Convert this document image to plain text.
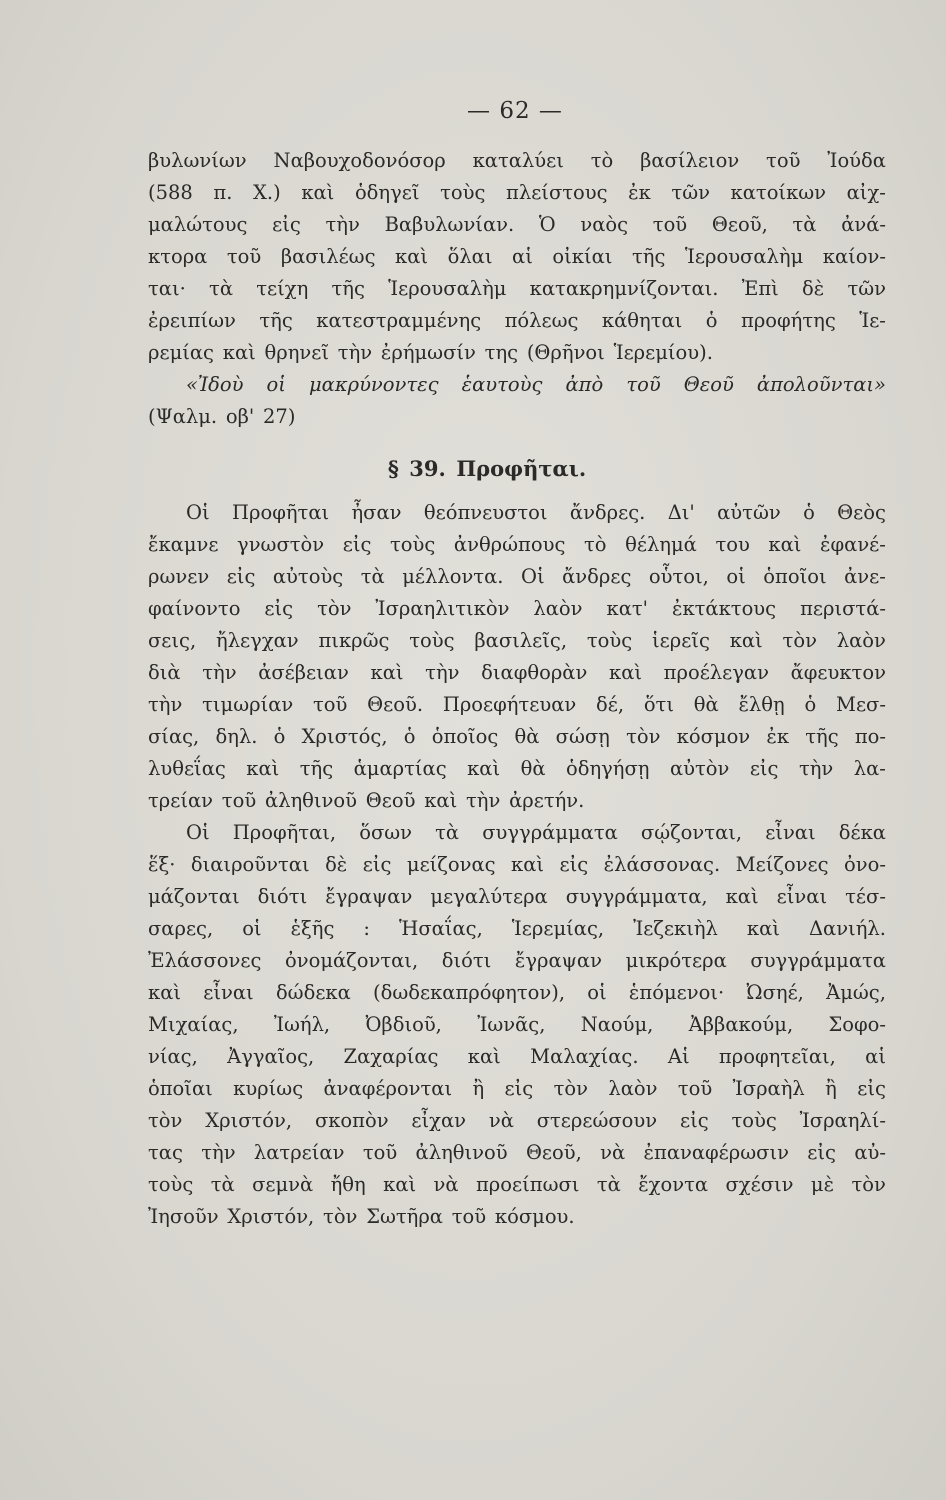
— 62 —
βυλωνίων Ναβουχοδονόσορ καταλύει τὸ βασίλειον τοῦ Ἰούδα
(588 π. Χ.) καὶ ὁδηγεῖ τοὺς πλείστους ἐκ τῶν κατοίκων αἰχ-
μαλώτους εἰς τὴν Βαβυλωνίαν. Ὁ ναὸς τοῦ Θεοῦ, τὰ ἀνά-
κτορα τοῦ βασιλέως καὶ ὅλαι αἱ οἰκίαι τῆς Ἱερουσαλὴμ καίον-
ται· τὰ τείχη τῆς Ἱερουσαλὴμ κατακρημνίζονται. Ἐπὶ δὲ τῶν
ἐρειπίων τῆς κατεστραμμένης πόλεως κάθηται ὁ προφήτης Ἱε-
ρεμίας καὶ θρηνεῖ τὴν ἐρήμωσίν της (Θρῆνοι Ἱερεμίου).
«Ἰδοὺ οἱ μακρύνοντες ἑαυτοὺς ἀπὸ τοῦ Θεοῦ ἀπολοῦνται»
(Ψαλμ. οβ' 27)
§ 39. Προφῆται.
Οἱ Προφῆται ἦσαν θεόπνευστοι ἄνδρες. Δι' αὐτῶν ὁ Θεὸς
ἔκαμνε γνωστὸν εἰς τοὺς ἀνθρώπους τὸ θέλημά του καὶ ἐφανέ-
ρωνεν εἰς αὐτοὺς τὰ μέλλοντα. Οἱ ἄνδρες οὗτοι, οἱ ὁποῖοι ἀνε-
φαίνοντο εἰς τὸν Ἰσραηλιτικὸν λαὸν κατ' ἐκτάκτους περιστά-
σεις, ἤλεγχαν πικρῶς τοὺς βασιλεῖς, τοὺς ἱερεῖς καὶ τὸν λαὸν
διὰ τὴν ἀσέβειαν καὶ τὴν διαφθορὰν καὶ προέλεγαν ἄφευκτον
τὴν τιμωρίαν τοῦ Θεοῦ. Προεφήτευαν δέ, ὅτι θὰ ἔλθῃ ὁ Μεσ-
σίας, δηλ. ὁ Χριστός, ὁ ὁποῖος θὰ σώσῃ τὸν κόσμον ἐκ τῆς πο-
λυθεΐας καὶ τῆς ἁμαρτίας καὶ θὰ ὁδηγήσῃ αὐτὸν εἰς τὴν λα-
τρείαν τοῦ ἀληθινοῦ Θεοῦ καὶ τὴν ἀρετήν.
Οἱ Προφῆται, ὅσων τὰ συγγράμματα σῴζονται, εἶναι δέκα
ἕξ· διαιροῦνται δὲ εἰς μείζονας καὶ εἰς ἐλάσσονας. Μείζονες ὀνο-
μάζονται διότι ἔγραψαν μεγαλύτερα συγγράμματα, καὶ εἶναι τέσ-
σαρες, οἱ ἑξῆς : Ἡσαΐας, Ἱερεμίας, Ἰεζεκιὴλ καὶ Δανιήλ.
Ἐλάσσονες ὀνομάζονται, διότι ἔγραψαν μικρότερα συγγράμματα
καὶ εἶναι δώδεκα (δωδεκαπρόφητον), οἱ ἑπόμενοι· Ὠσηέ, Ἀμώς,
Μιχαίας, Ἰωήλ, Ὀβδιοῦ, Ἰωνᾶς, Ναούμ, Ἀββακούμ, Σοφο-
νίας, Ἀγγαῖος, Ζαχαρίας καὶ Μαλαχίας. Αἱ προφητεῖαι, αἱ
ὁποῖαι κυρίως ἀναφέρονται ἢ εἰς τὸν λαὸν τοῦ Ἰσραὴλ ἢ εἰς
τὸν Χριστόν, σκοπὸν εἶχαν νὰ στερεώσουν εἰς τοὺς Ἰσραηλί-
τας τὴν λατρείαν τοῦ ἀληθινοῦ Θεοῦ, νὰ ἐπαναφέρωσιν εἰς αὐ-
τοὺς τὰ σεμνὰ ἤθη καὶ νὰ προείπωσι τὰ ἔχοντα σχέσιν μὲ τὸν
Ἰησοῦν Χριστόν, τὸν Σωτῆρα τοῦ κόσμου.
